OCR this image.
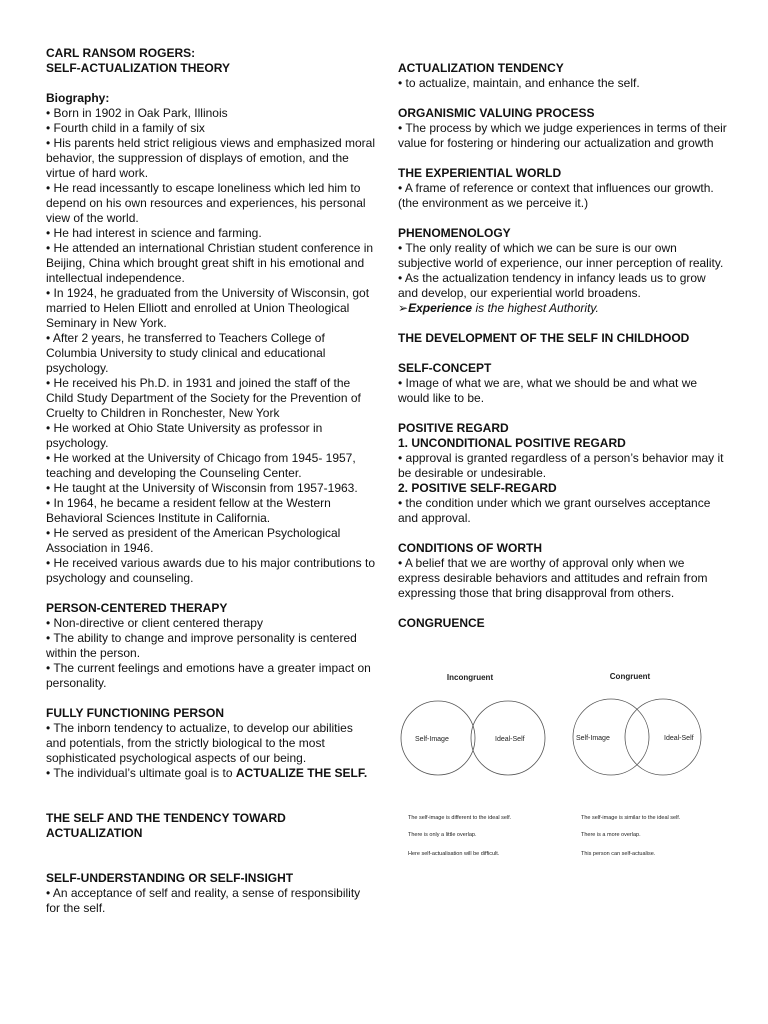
CARL RANSOM ROGERS:
SELF-ACTUALIZATION THEORY
Biography:

• Born in 1902 in Oak Park, Illinois

• Fourth child in a family of six

• His parents held strict religious views and emphasized moral behavior, the suppression of displays of emotion, and the virtue of hard work.

• He read incessantly to escape loneliness which led him to depend on his own resources and experiences, his personal view of the world.

• He had interest in science and farming.

• He attended an international Christian student conference in Beijing, China which brought great shift in his emotional and intellectual independence.

• In 1924, he graduated from the University of Wisconsin, got married to Helen Elliott and enrolled at Union Theological Seminary in New York.

• After 2 years, he transferred to Teachers College of Columbia University to study clinical and educational psychology.

• He received his Ph.D. in 1931 and joined the staff of the Child Study Department of the Society for the Prevention of Cruelty to Children in Ronchester, New York

• He worked at Ohio State University as professor in psychology.

• He worked at the University of Chicago from 1945- 1957, teaching and developing the Counseling Center.

• He taught at the University of Wisconsin from 1957-1963.

• In 1964, he became a resident fellow at the Western Behavioral Sciences Institute in California.

• He served as president of the American Psychological Association in 1946.

• He received various awards due to his major contributions to psychology and counseling.

PERSON-CENTERED THERAPY

• Non-directive or client centered therapy

• The ability to change and improve personality is centered within the person.

• The current feelings and emotions have a greater impact on personality.

FULLY FUNCTIONING PERSON

• The inborn tendency to actualize, to develop our abilities and potentials, from the strictly biological to the most sophisticated psychological aspects of our being.

• The individual’s ultimate goal is to ACTUALIZE THE SELF.

THE SELF AND THE TENDENCY TOWARD ACTUALIZATION
SELF-UNDERSTANDING OR SELF-INSIGHT

• An acceptance of self and reality, a sense of responsibility for the self.

ACTUALIZATION TENDENCY

• to actualize, maintain, and enhance the self.

ORGANISMIC VALUING PROCESS

• The process by which we judge experiences in terms of their value for fostering or hindering our actualization and growth

THE EXPERIENTIAL WORLD

• A frame of reference or context that influences our growth.(the environment as we perceive it.)

PHENOMENOLOGY

• The only reality of which we can be sure is our own subjective world of experience, our inner perception of reality.

• As the actualization tendency in infancy leads us to grow and develop, our experiential world broadens.

➢Experience is the highest Authority.

THE DEVELOPMENT OF THE SELF IN CHILDHOOD
SELF-CONCEPT

• Image of what we are, what we should be and what we would like to be.

POSITIVE REGARD
1. UNCONDITIONAL POSITIVE REGARD

• approval is granted regardless of a person’s behavior may it be desirable or undesirable.

2. POSITIVE SELF-REGARD

• the condition under which we grant ourselves acceptance and approval.

CONDITIONS OF WORTH

• A belief that we are worthy of approval only when we express desirable behaviors and attitudes and refrain from expressing those that bring disapproval from others.

CONGRUENCE
Incongruent
Self-Image	Ideal-Self
The self-image is different to the ideal self.
There is only a little overlap.
Here self-actualisation will be difficult.
Congruent
Self-Image	Ideal-Self
The self-image is similar to the ideal self.
There is a more overlap.
This person can self-actualise.
